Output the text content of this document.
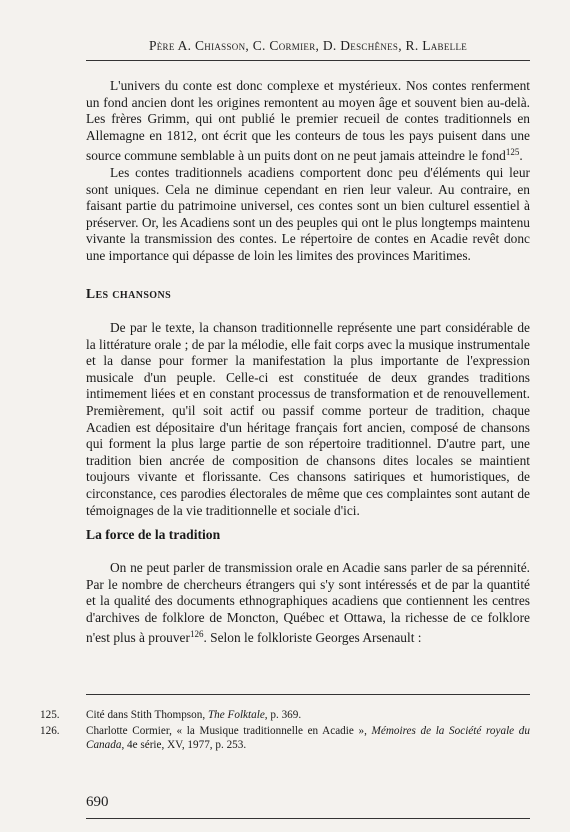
Père A. Chiasson, C. Cormier, D. Deschênes, R. Labelle

L'univers du conte est donc complexe et mystérieux. Nos contes renferment un fond ancien dont les origines remontent au moyen âge et souvent bien au-delà. Les frères Grimm, qui ont publié le premier recueil de contes traditionnels en Allemagne en 1812, ont écrit que les conteurs de tous les pays puisent dans une source commune semblable à un puits dont on ne peut jamais atteindre le fond$^{125}$.

Les contes traditionnels acadiens comportent donc peu d'éléments qui leur sont uniques. Cela ne diminue cependant en rien leur valeur. Au contraire, en faisant partie du patrimoine universel, ces contes sont un bien culturel essentiel à préserver. Or, les Acadiens sont un des peuples qui ont le plus longtemps maintenu vivante la transmission des contes. Le répertoire de contes en Acadie revêt donc une importance qui dépasse de loin les limites des provinces Maritimes.

Les chansons

De par le texte, la chanson traditionnelle représente une part considérable de la littérature orale ; de par la mélodie, elle fait corps avec la musique instrumentale et la danse pour former la manifestation la plus importante de l'expression musicale d'un peuple. Celle-ci est constituée de deux grandes traditions intimement liées et en constant processus de transformation et de renouvellement. Premièrement, qu'il soit actif ou passif comme porteur de tradition, chaque Acadien est dépositaire d'un héritage français fort ancien, composé de chansons qui forment la plus large partie de son répertoire traditionnel. D'autre part, une tradition bien ancrée de composition de chansons dites locales se maintient toujours vivante et florissante. Ces chansons satiriques et humoristiques, de circonstance, ces parodies électorales de même que ces complaintes sont autant de témoignages de la vie traditionnelle et sociale d'ici.

La force de la tradition

On ne peut parler de transmission orale en Acadie sans parler de sa pérennité. Par le nombre de chercheurs étrangers qui s'y sont intéressés et de par la quantité et la qualité des documents ethnographiques acadiens que contiennent les centres d'archives de folklore de Moncton, Québec et Ottawa, la richesse de ce folklore n'est plus à prouver$^{126}$. Selon le folkloriste Georges Arsenault :

125.	Cité dans Stith Thompson, The Folktale, p. 369.
126.	Charlotte Cormier, « la Musique traditionnelle en Acadie », Mémoires de la Société royale du Canada, 4e série, XV, 1977, p. 253.
690
